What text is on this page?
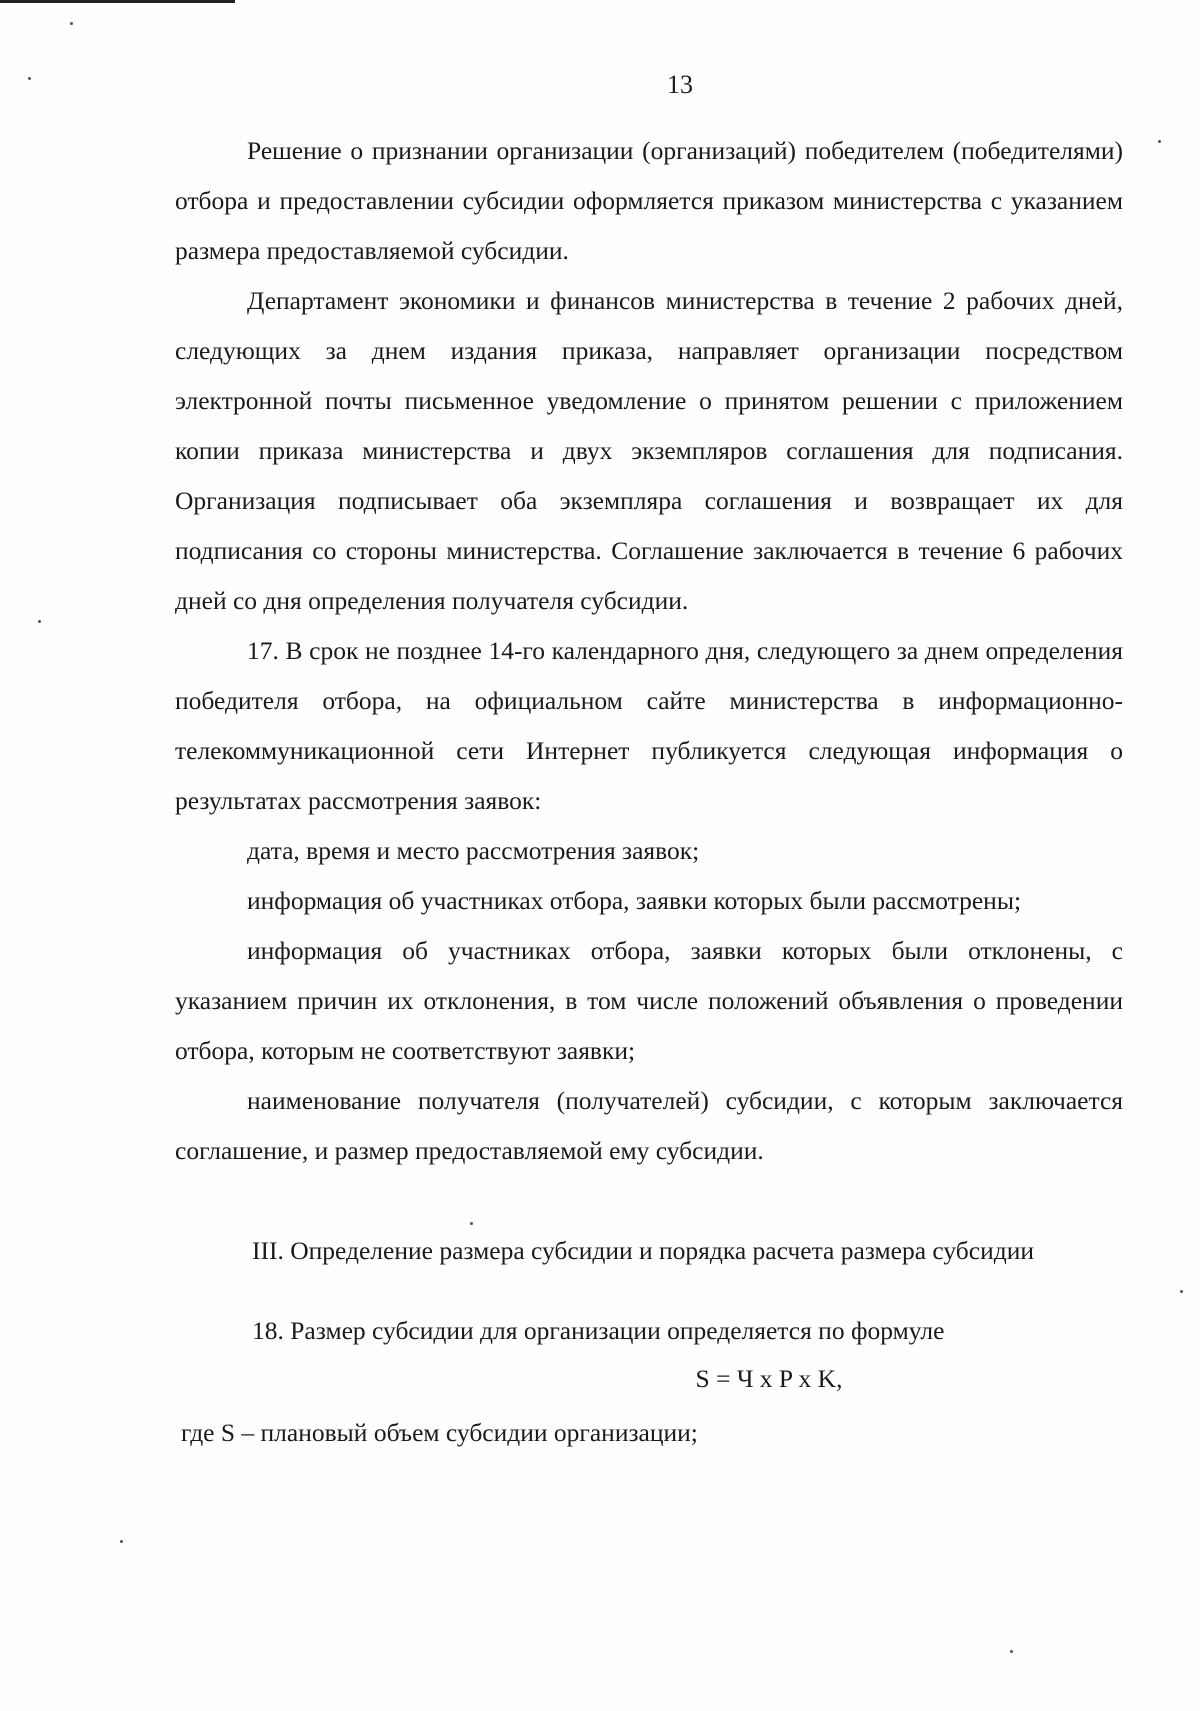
13

Решение о признании организации (организаций) победителем (победителями) отбора и предоставлении субсидии оформляется приказом министерства с указанием размера предоставляемой субсидии.

Департамент экономики и финансов министерства в течение 2 рабочих дней, следующих за днем издания приказа, направляет организации посредством электронной почты письменное уведомление о принятом решении с приложением копии приказа министерства и двух экземпляров соглашения для подписания. Организация подписывает оба экземпляра соглашения и возвращает их для подписания со стороны министерства. Соглашение заключается в течение 6 рабочих дней со дня определения получателя субсидии.

17. В срок не позднее 14-го календарного дня, следующего за днем определения победителя отбора, на официальном сайте министерства в информационно-телекоммуникационной сети Интернет публикуется следующая информация о результатах рассмотрения заявок:

дата, время и место рассмотрения заявок;

информация об участниках отбора, заявки которых были рассмотрены;

информация об участниках отбора, заявки которых были отклонены, с указанием причин их отклонения, в том числе положений объявления о проведении отбора, которым не соответствуют заявки;

наименование получателя (получателей) субсидии, с которым заключается соглашение, и размер предоставляемой ему субсидии.

III. Определение размера субсидии и порядка расчета размера субсидии

18. Размер субсидии для организации определяется по формуле

S = Ч x P x K,

где S – плановый объем субсидии организации;
